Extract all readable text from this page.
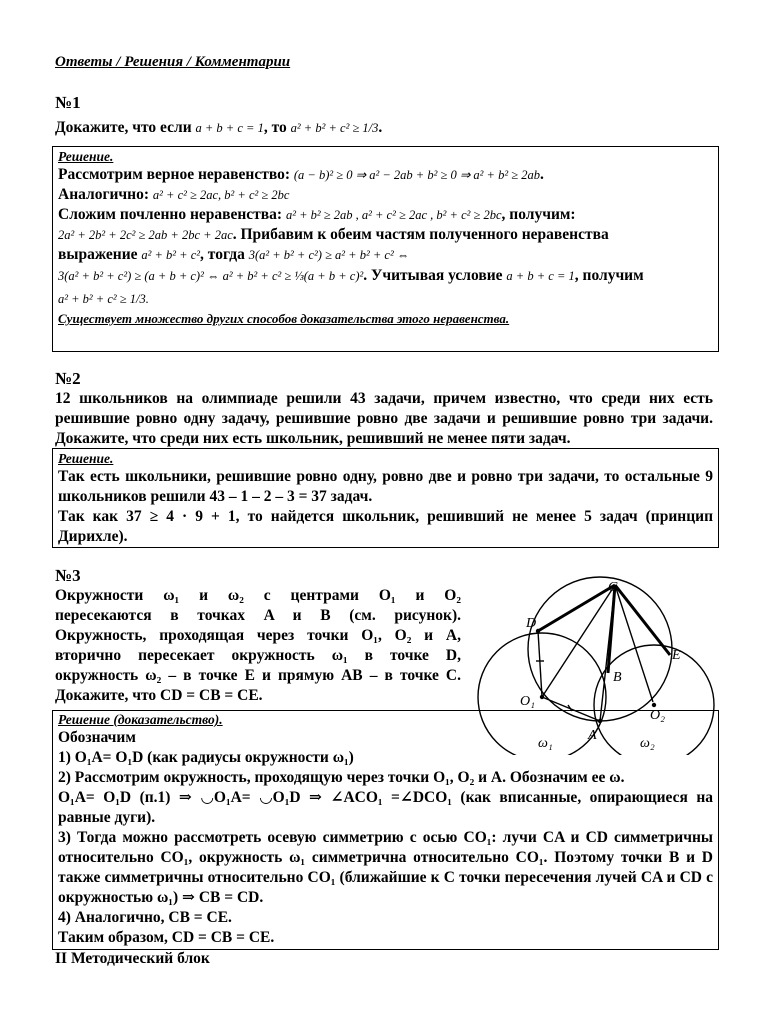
Ответы / Решения / Комментарии
№1
Докажите, что если a + b + c = 1, то a² + b² + c² ≥ 1/3.
Решение.
Рассмотрим верное неравенство: (a − b)² ≥ 0 ⇒ a² − 2ab + b² ≥ 0 ⇒ a² + b² ≥ 2ab.
Аналогично: a² + c² ≥ 2ac, b² + c² ≥ 2bc
Сложим почленно неравенства: a² + b² ≥ 2ab , a² + c² ≥ 2ac , b² + c² ≥ 2bc, получим:
2a² + 2b² + 2c² ≥ 2ab + 2bc + 2ac. Прибавим к обеим частям полученного неравенства
выражение a² + b² + c², тогда 3(a² + b² + c²) ≥ a² + b² + c² ⇔
3(a² + b² + c²) ≥ (a + b + c)² ⇔ a² + b² + c² ≥ ⅓(a + b + c)². Учитывая условие a + b + c = 1, получим
a² + b² + c² ≥ 1/3.
Существует множество других способов доказательства этого неравенства.
№2
12 школьников на олимпиаде решили 43 задачи, причем известно, что среди них есть решившие ровно одну задачу, решившие ровно две задачи и решившие ровно три задачи. Докажите, что среди них есть школьник, решивший не менее пяти задач.
Решение.
Так есть школьники, решившие ровно одну, ровно две и ровно три задачи, то остальные 9 школьников решили 43 – 1 – 2 – 3 = 37 задач.
Так как 37 ≥ 4 · 9 + 1, то найдется школьник, решивший не менее 5 задач (принцип Дирихле).
№3
Окружности ω₁ и ω₂ с центрами O₁ и O₂
пересекаются в точках A и B (см. рисунок).
Окружность, проходящая через точки O₁, O₂ и A,
вторично пересекает окружность ω₁ в точке D,
окружность ω₂ – в точке E и прямую AB – в точке C.
Докажите, что CD = CB = CE.
C
D
E
B
A
O₁
O₂
ω₁	ω₂
Решение (доказательство).
Обозначим
1) O₁A= O₁D (как радиусы окружности ω₁)
2) Рассмотрим окружность, проходящую через точки O₁, O₂ и A. Обозначим ее ω.
O₁A= O₁D (п.1) ⇒ ◡O₁A= ◡O₁D ⇒ ∠ACO₁ =∠DCO₁ (как вписанные, опирающиеся на равные дуги).
3) Тогда можно рассмотреть осевую симметрию с осью CO₁: лучи CA и CD симметричны относительно CO₁, окружность ω₁ симметрична относительно CO₁. Поэтому точки B и D также симметричны относительно CO₁ (ближайшие к C точки пересечения лучей CA и CD с окружностью ω₁) ⇒ CB = CD.
4) Аналогично, CB = CE.
Таким образом, CD = CB = CE.
II Методический блок
